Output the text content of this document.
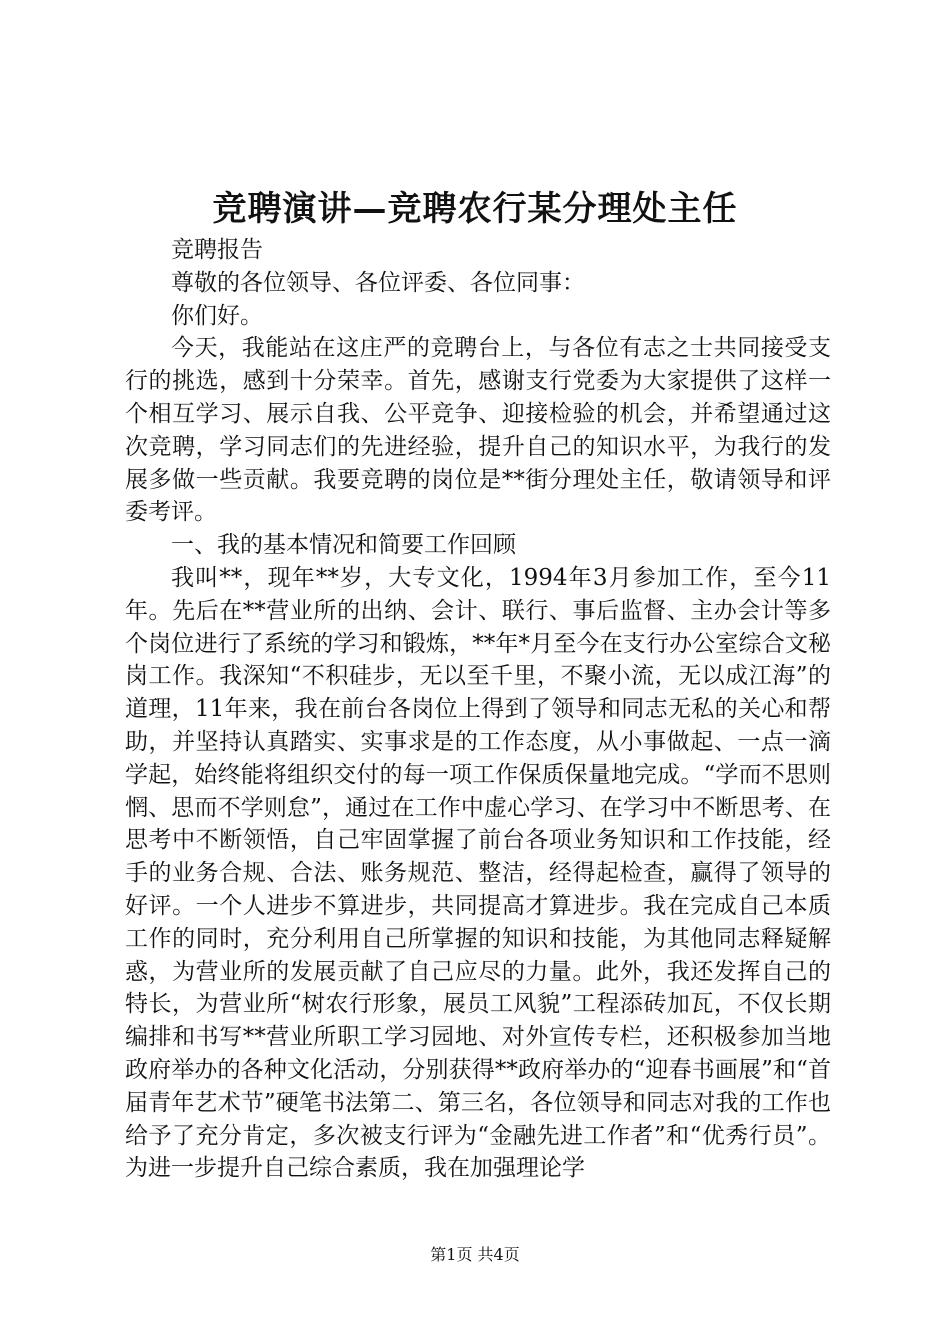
竞聘演讲—竞聘农行某分理处主任

竞聘报告

尊敬的各位领导、各位评委、各位同事：

你们好。

今天，我能站在这庄严的竞聘台上，与各位有志之士共同接受支行的挑选，感到十分荣幸。首先，感谢支行党委为大家提供了这样一个相互学习、展示自我、公平竞争、迎接检验的机会，并希望通过这次竞聘，学习同志们的先进经验，提升自己的知识水平，为我行的发展多做一些贡献。我要竞聘的岗位是**街分理处主任，敬请领导和评委考评。

一、我的基本情况和简要工作回顾

我叫**，现年**岁，大专文化，1994年3月参加工作，至今11年。先后在**营业所的出纳、会计、联行、事后监督、主办会计等多个岗位进行了系统的学习和锻炼，**年*月至今在支行办公室综合文秘岗工作。我深知“不积硅步，无以至千里，不聚小流，无以成江海”的道理，11年来，我在前台各岗位上得到了领导和同志无私的关心和帮助，并坚持认真踏实、实事求是的工作态度，从小事做起、一点一滴学起，始终能将组织交付的每一项工作保质保量地完成。“学而不思则惘、思而不学则怠”，通过在工作中虚心学习、在学习中不断思考、在思考中不断领悟，自己牢固掌握了前台各项业务知识和工作技能，经手的业务合规、合法、账务规范、整洁，经得起检查，赢得了领导的好评。一个人进步不算进步，共同提高才算进步。我在完成自己本质工作的同时，充分利用自己所掌握的知识和技能，为其他同志释疑解惑，为营业所的发展贡献了自己应尽的力量。此外，我还发挥自己的特长，为营业所“树农行形象，展员工风貌”工程添砖加瓦，不仅长期编排和书写**营业所职工学习园地、对外宣传专栏，还积极参加当地政府举办的各种文化活动，分别获得**政府举办的“迎春书画展”和“首届青年艺术节”硬笔书法第二、第三名，各位领导和同志对我的工作也给予了充分肯定，多次被支行评为“金融先进工作者”和“优秀行员”。为进一步提升自己综合素质，我在加强理论学

第1页 共4页
